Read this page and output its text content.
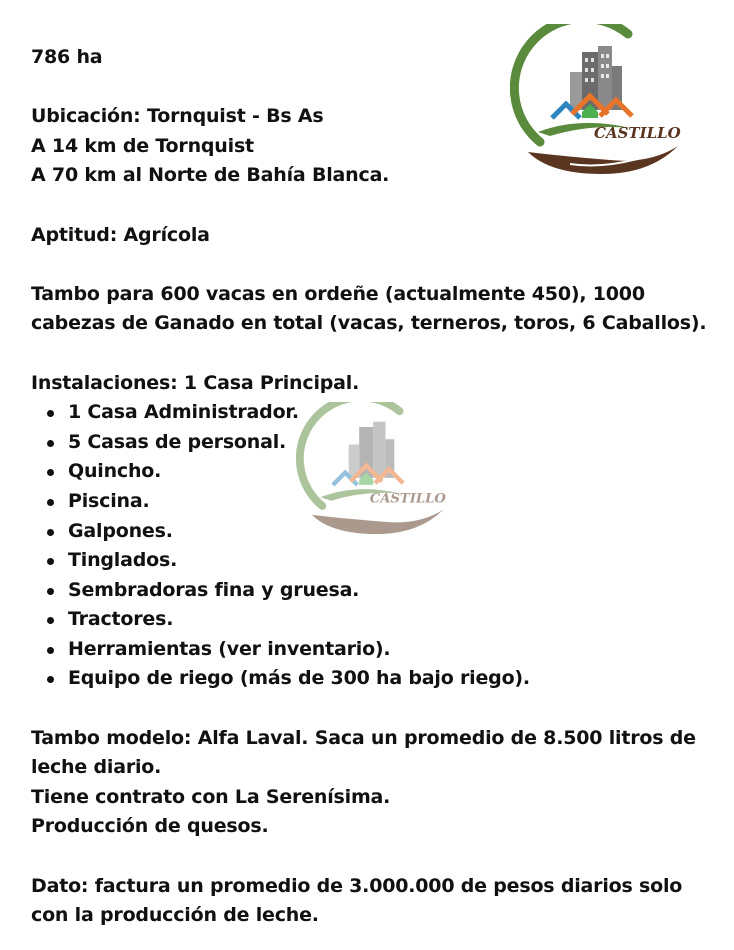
786 ha

Ubicación: Tornquist - Bs As

A 14 km de Tornquist

A 70 km al Norte de Bahía Blanca.

Aptitud: Agrícola

Tambo para 600 vacas en ordeñe (actualmente 450), 1000

cabezas de Ganado en total (vacas, terneros, toros, 6 Caballos).

Instalaciones: 1 Casa Principal.

1 Casa Administrador.
5 Casas de personal.
Quincho.
Piscina.
Galpones.
Tinglados.
Sembradoras fina y gruesa.
Tractores.
Herramientas (ver inventario).
Equipo de riego (más de 300 ha bajo riego).

Tambo modelo: Alfa Laval. Saca un promedio de 8.500 litros de

leche diario.

Tiene contrato con La Serenísima.

Producción de quesos.

Dato: factura un promedio de 3.000.000 de pesos diarios solo

con la producción de leche.

CASTILLO
CASTILLO
